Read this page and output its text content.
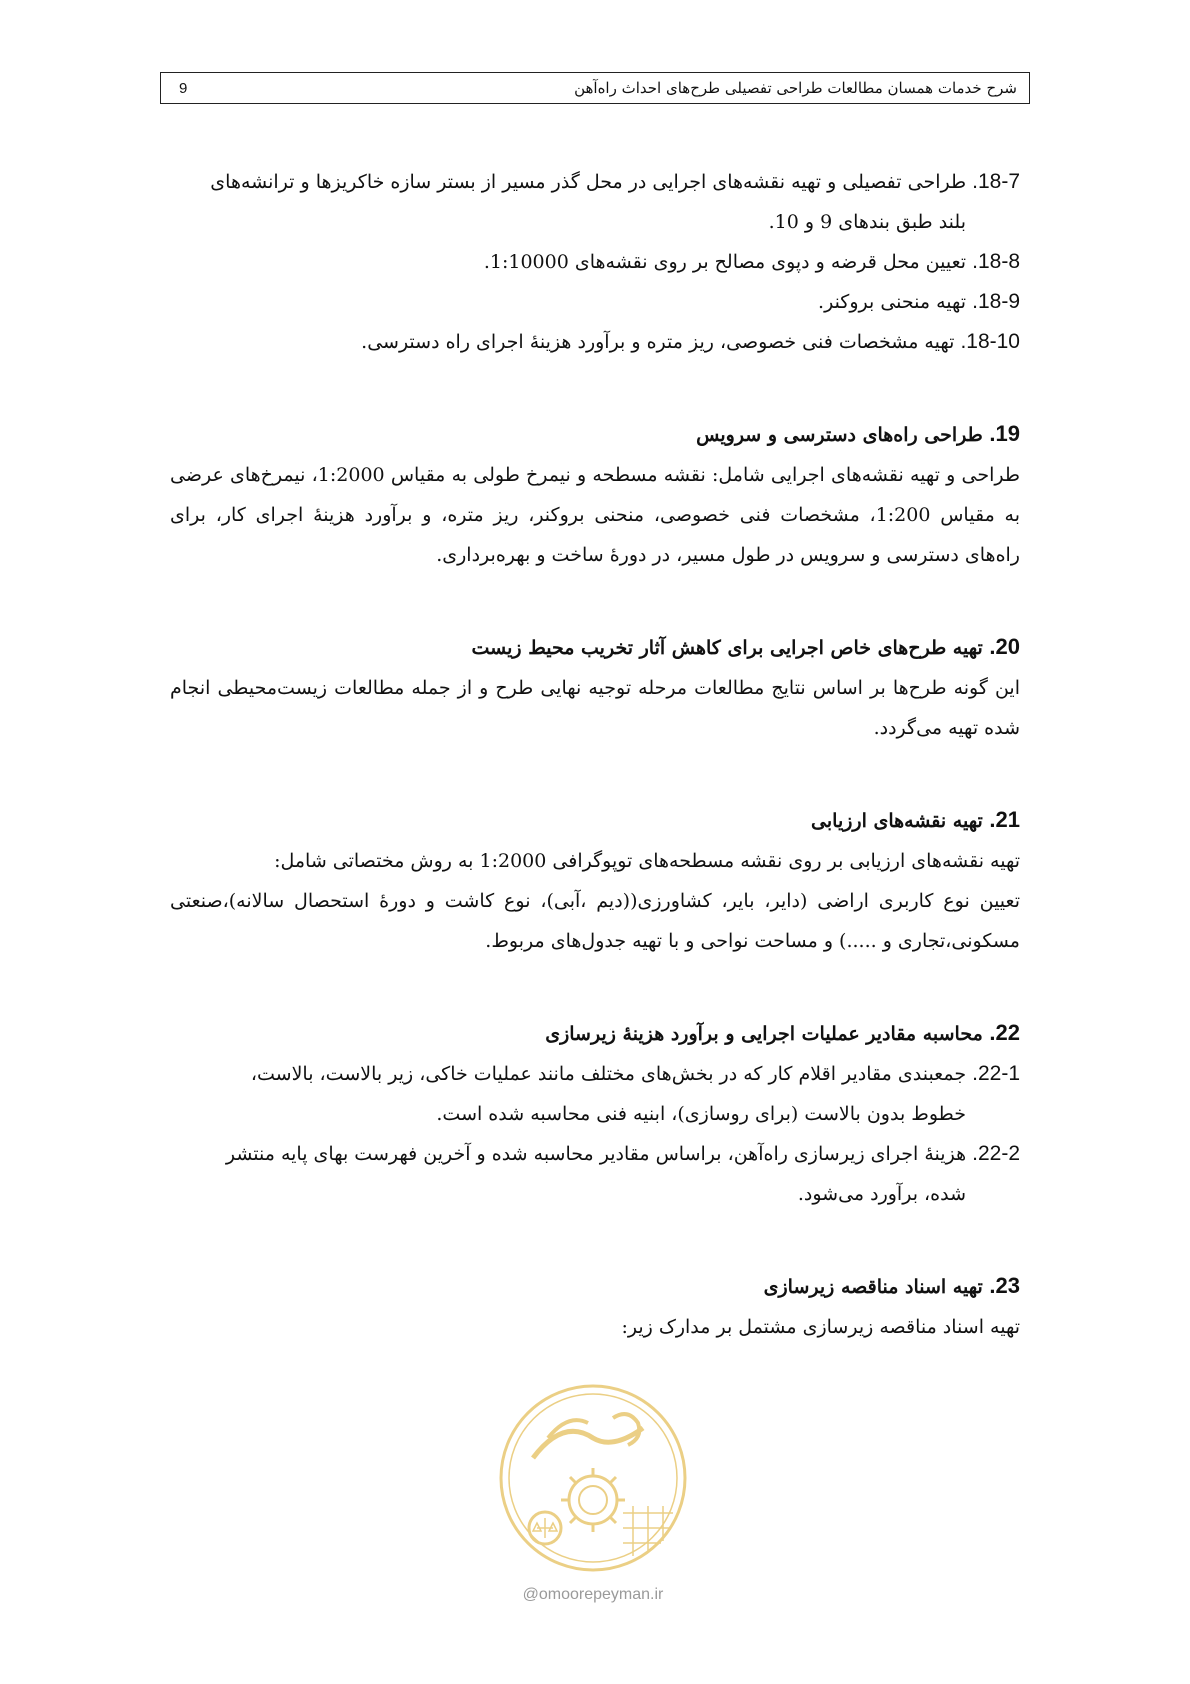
9	شرح خدمات همسان مطالعات طراحی تفصیلی طرح‌های احداث راه‌آهن
18-7. طراحی تفصیلی و تهیه نقشه‌های اجرایی در محل گذر مسیر از بستر سازه خاکریزها و ترانشه‌های
بلند طبق بندهای 9 و 10.
18-8. تعیین محل قرضه و دپوی مصالح بر روی نقشه‌های 1:10000.
18-9. تهیه منحنی بروکنر.
18-10. تهیه مشخصات فنی خصوصی، ریز متره و برآورد هزینۀ اجرای راه دسترسی.
19. طراحی راه‌های دسترسی و سرویس

طراحی و تهیه نقشه‌های اجرایی شامل: نقشه مسطحه و نیمرخ طولی به مقیاس 1:2000، نیمرخ‌های عرضی به مقیاس 1:200، مشخصات فنی خصوصی، منحنی بروکنر، ریز متره، و برآورد هزینۀ اجرای کار، برای راه‌های دسترسی و سرویس در طول مسیر، در دورۀ ساخت و بهره‌برداری.

20. تهیه طرح‌های خاص اجرایی برای کاهش آثار تخریب محیط زیست

این گونه طرح‌ها بر اساس نتایج مطالعات مرحله توجیه نهایی طرح و از جمله مطالعات زیست‌محیطی انجام شده تهیه می‌گردد.

21. تهیه نقشه‌های ارزیابی

تهیه نقشه‌های ارزیابی بر روی نقشه مسطحه‌های توپوگرافی 1:2000 به روش مختصاتی شامل:

تعیین نوع کاربری اراضی (دایر، بایر، کشاورزی((دیم ،آبی)، نوع کاشت و دورۀ استحصال سالانه)،صنعتی مسکونی،تجاری و .....) و مساحت نواحی و با تهیه جدول‌های مربوط.

22. محاسبه مقادیر عملیات اجرایی و برآورد هزینۀ زیرسازی
22-1. جمعبندی مقادیر اقلام کار که در بخش‌های مختلف مانند عملیات خاکی، زیر بالاست، بالاست،
خطوط بدون بالاست (برای روسازی)، ابنیه فنی محاسبه شده است.
22-2. هزینۀ اجرای زیرسازی راه‌آهن، براساس مقادیر محاسبه شده و آخرین فهرست بهای پایه منتشر
شده، برآورد می‌شود.
23. تهیه اسناد مناقصه زیرسازی

تهیه اسناد مناقصه زیرسازی مشتمل بر مدارک زیر:

@omoorepeyman.ir
